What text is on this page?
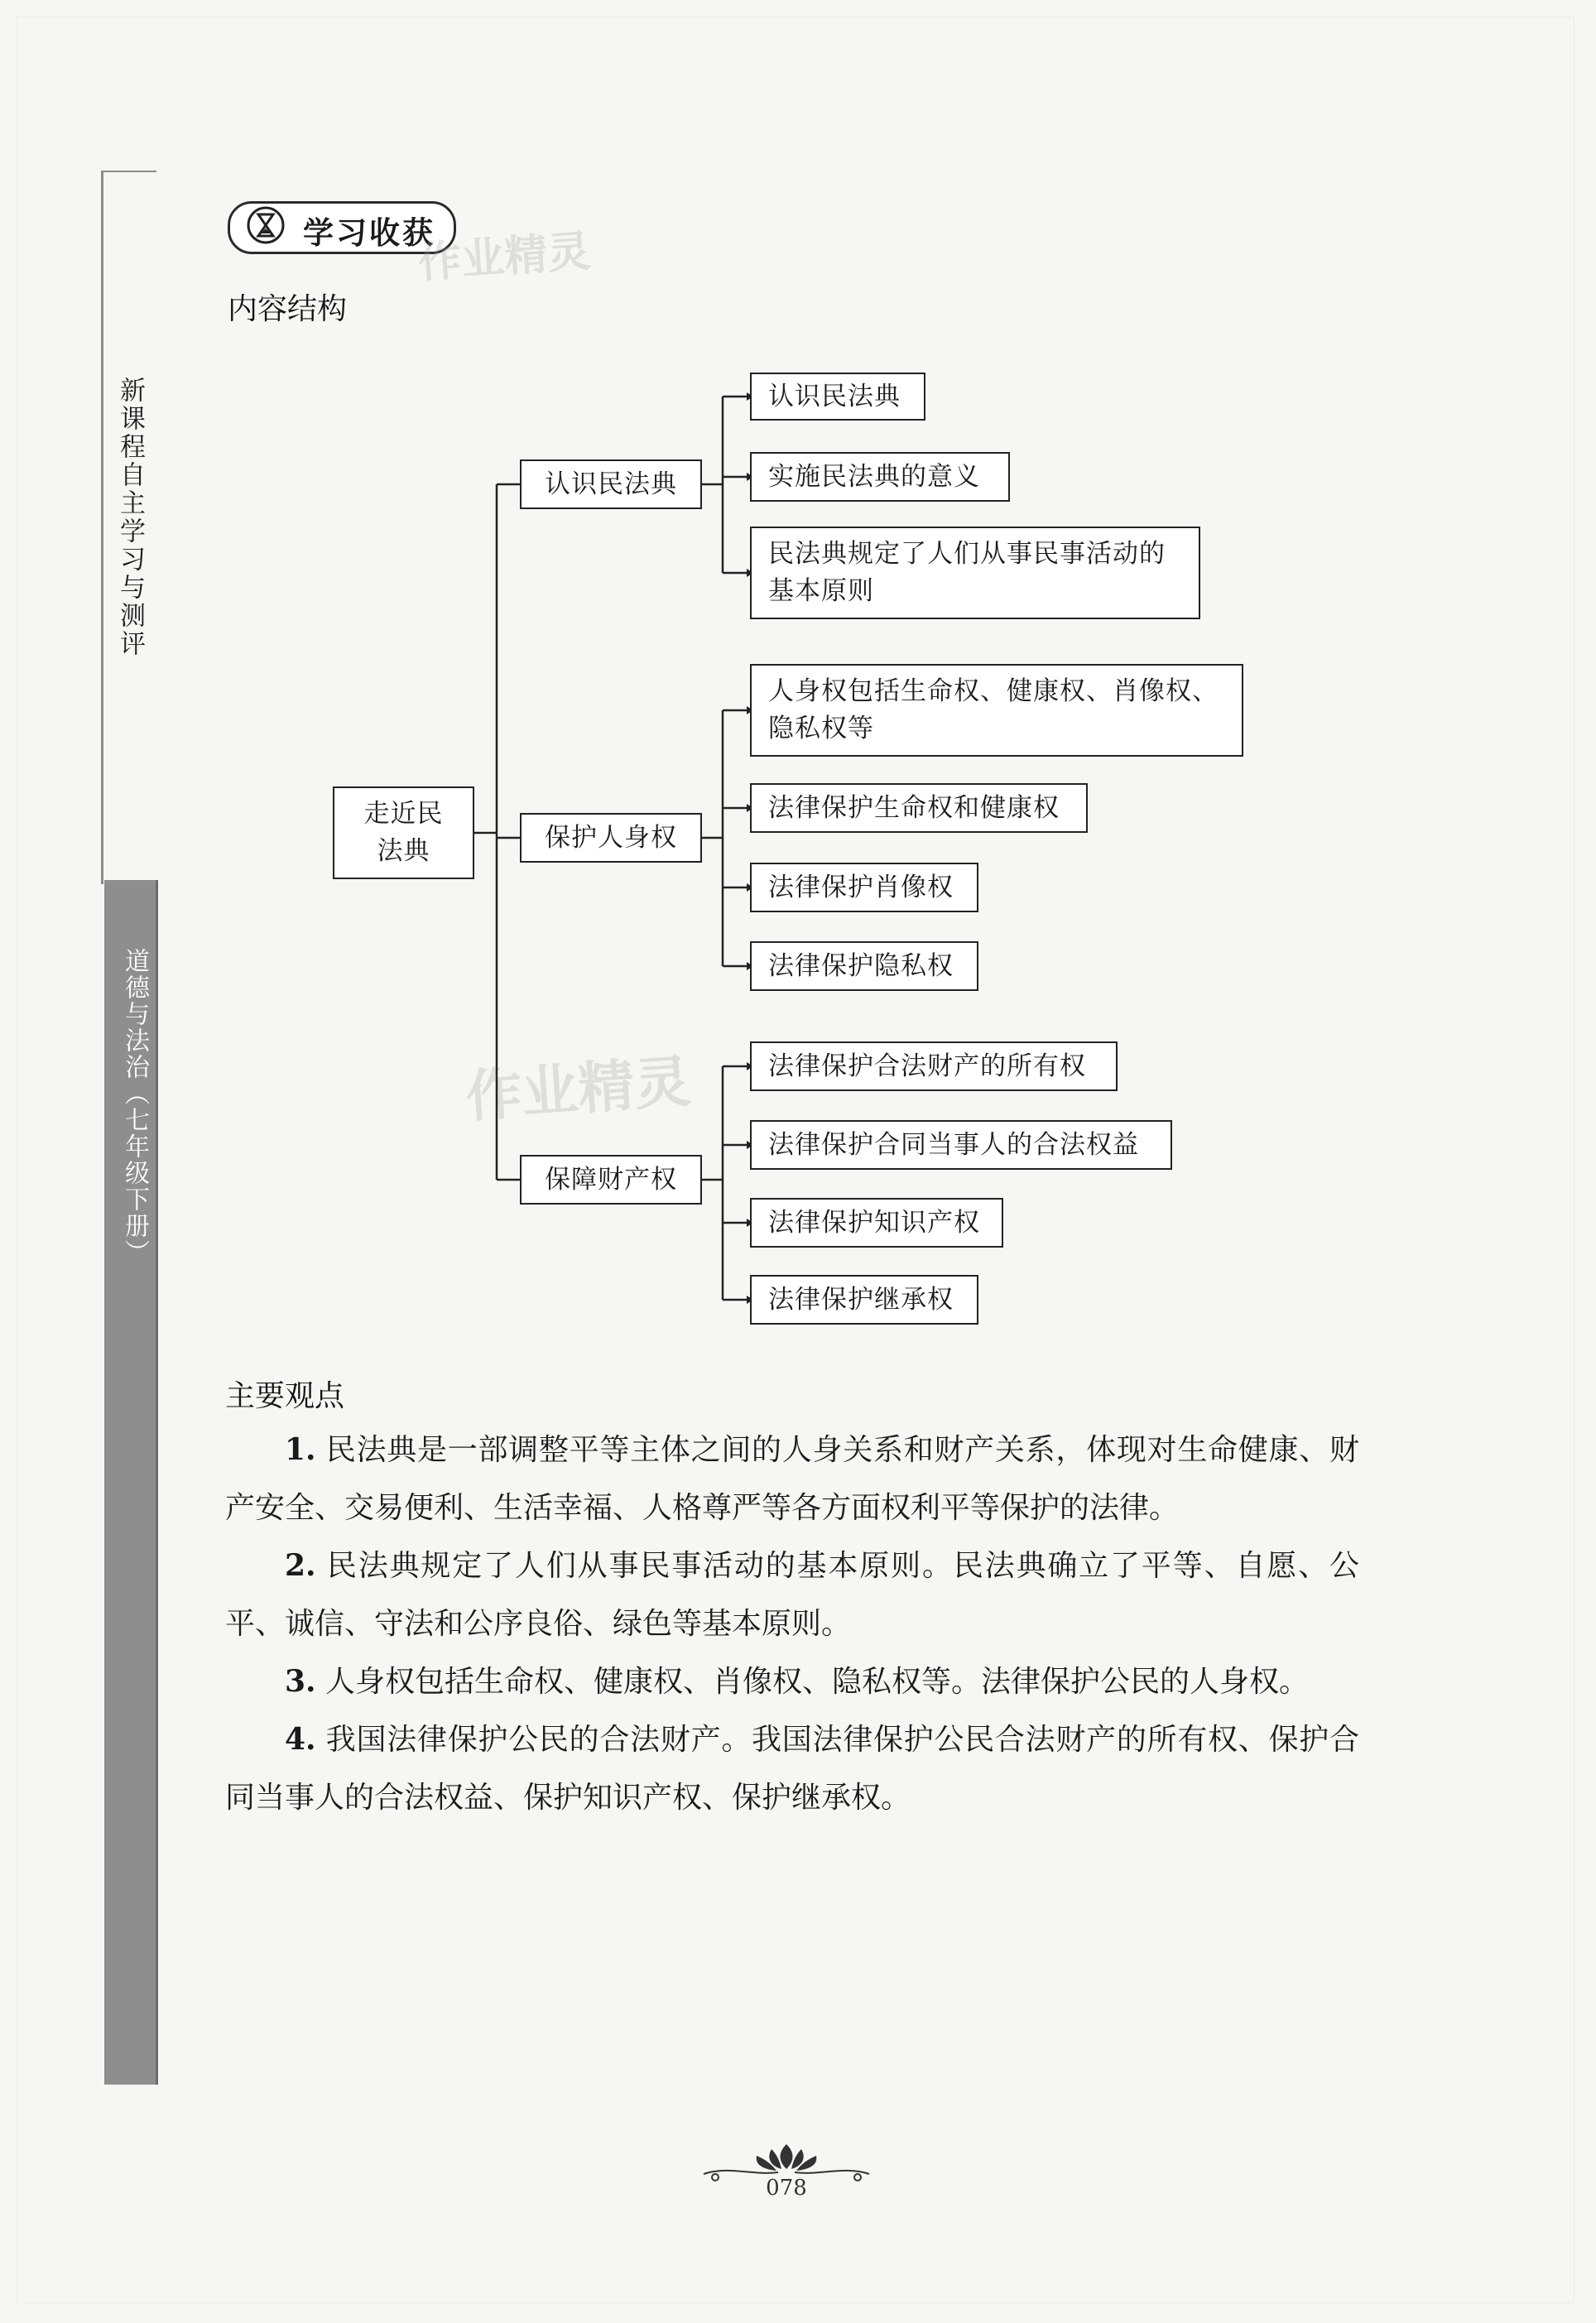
新课程自主学习与测评
道德与法治（七年级下册）
学习收获
作业精灵
作业精灵
内容结构
走近民法典
认识民法典
保护人身权
保障财产权
认识民法典
实施民法典的意义
民法典规定了人们从事民事活动的基本原则
人身权包括生命权、健康权、肖像权、隐私权等
法律保护生命权和健康权
法律保护肖像权
法律保护隐私权
法律保护合法财产的所有权
法律保护合同当事人的合法权益
法律保护知识产权
法律保护继承权
主要观点

1. 民法典是一部调整平等主体之间的人身关系和财产关系，体现对生命健康、财产安全、交易便利、生活幸福、人格尊严等各方面权利平等保护的法律。

2. 民法典规定了人们从事民事活动的基本原则。民法典确立了平等、自愿、公平、诚信、守法和公序良俗、绿色等基本原则。

3. 人身权包括生命权、健康权、肖像权、隐私权等。法律保护公民的人身权。

4. 我国法律保护公民的合法财产。我国法律保护公民合法财产的所有权、保护合同当事人的合法权益、保护知识产权、保护继承权。

078
